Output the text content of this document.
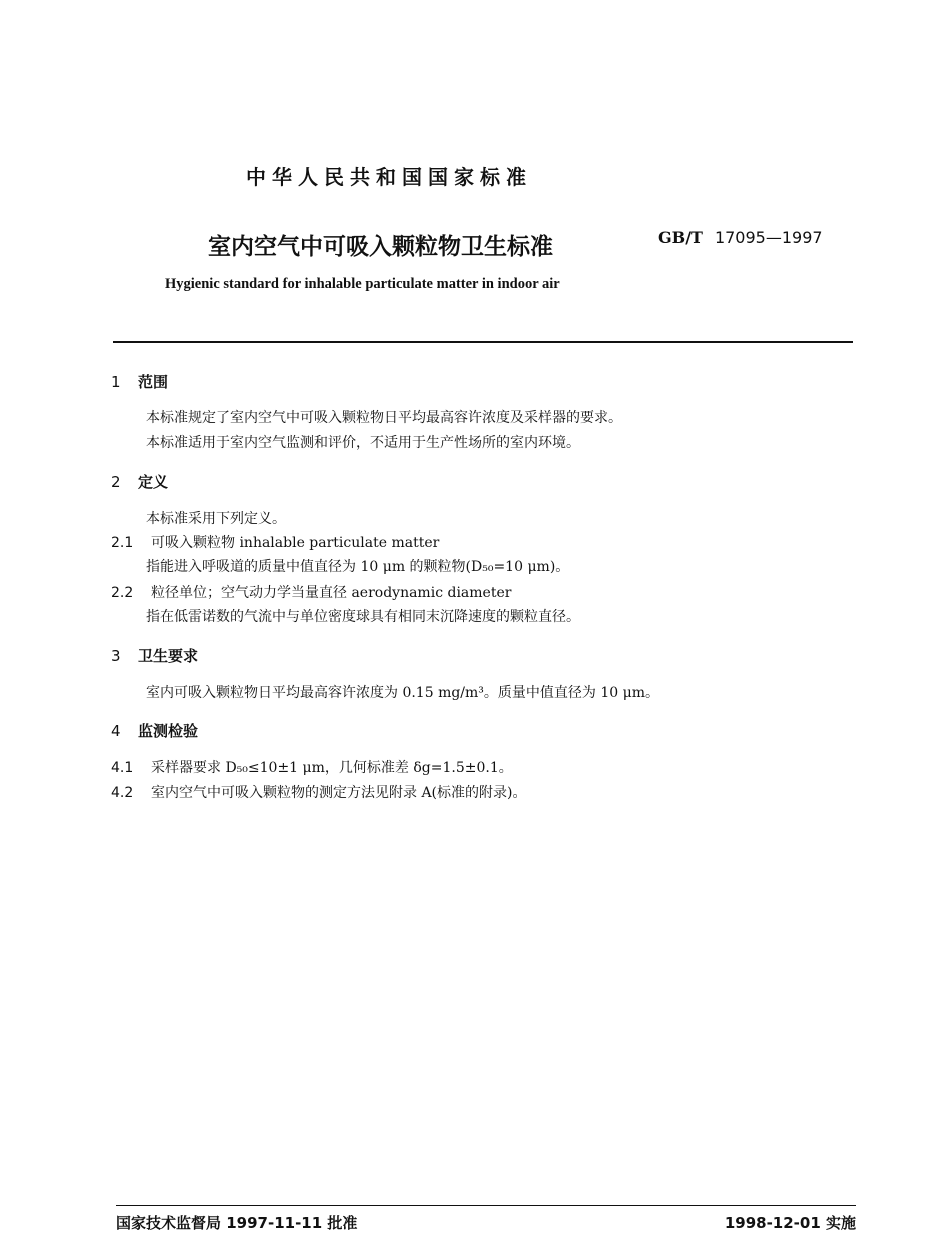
中华人民共和国国家标准
室内空气中可吸入颗粒物卫生标准	GB/T 17095—1997
Hygienic standard for inhalable particulate matter in indoor air
1 范围
本标准规定了室内空气中可吸入颗粒物日平均最高容许浓度及采样器的要求。
本标准适用于室内空气监测和评价，不适用于生产性场所的室内环境。
2 定义
本标准采用下列定义。
2.1 可吸入颗粒物 inhalable particulate matter
指能进入呼吸道的质量中值直径为 10 μm 的颗粒物(D₅₀=10 μm)。
2.2 粒径单位；空气动力学当量直径 aerodynamic diameter
指在低雷诺数的气流中与单位密度球具有相同末沉降速度的颗粒直径。
3 卫生要求
室内可吸入颗粒物日平均最高容许浓度为 0.15 mg/m³。质量中值直径为 10 μm。
4 监测检验
4.1 采样器要求 D₅₀≤10±1 μm，几何标准差 δg=1.5±0.1。
4.2 室内空气中可吸入颗粒物的测定方法见附录 A(标准的附录)。
国家技术监督局 1997-11-11 批准	1998-12-01 实施
